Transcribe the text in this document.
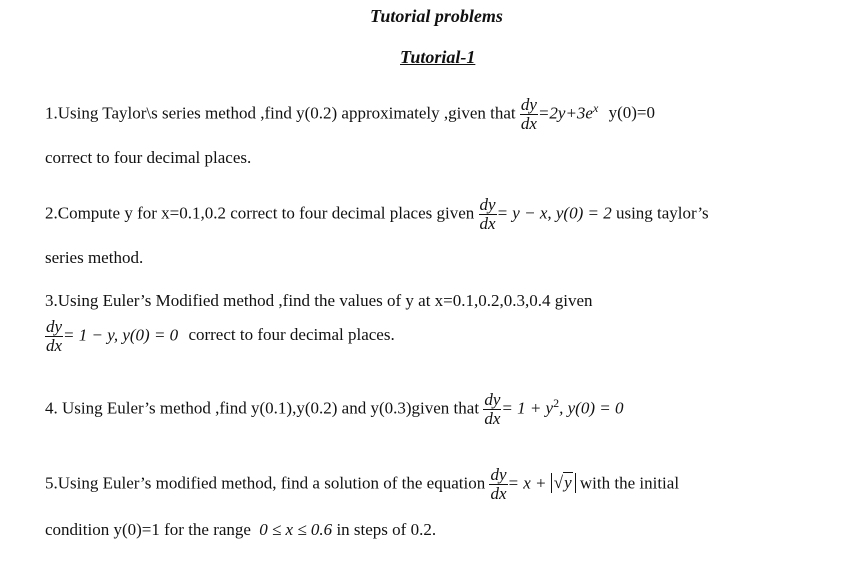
Tutorial problems
Tutorial-1
1.Using Taylor\s series method ,find y(0.2) approximately ,given that $\frac{dy}{dx} =2y+3e^x$ y(0)=0
correct to four decimal places.
2.Compute y for x=0.1,0.2 correct to four decimal places given $\frac{dy}{dx} = y - x$, y(0) = 2 using taylor’s
series method.
3.Using Euler’s Modified method ,find the values of y at x=0.1,0.2,0.3,0.4 given
$\frac{dy}{dx} = 1 - y$, y(0) = 0 correct to four decimal places.
4. Using Euler’s method ,find y(0.1),y(0.2) and y(0.3)given that $\frac{dy}{dx} = 1 + y^2$, y(0) = 0
5.Using Euler’s modified method, find a solution of the equation $\frac{dy}{dx} = x + √y$ with the initial
condition y(0)=1 for the range 0 ≤ x ≤ 0.6 in steps of 0.2.
